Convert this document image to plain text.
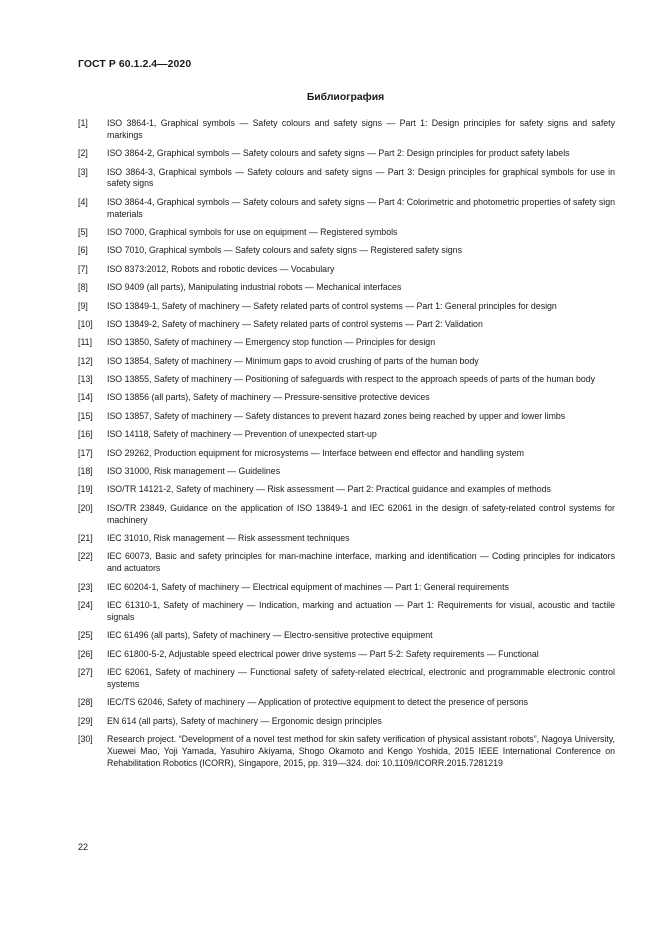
ГОСТ Р 60.1.2.4—2020
Библиография
[1]	ISO 3864-1, Graphical symbols — Safety colours and safety signs — Part 1: Design principles for safety signs and safety markings
[2]	ISO 3864-2, Graphical symbols — Safety colours and safety signs — Part 2: Design principles for product safety labels
[3]	ISO 3864-3, Graphical symbols — Safety colours and safety signs — Part 3: Design principles for graphical symbols for use in safety signs
[4]	ISO 3864-4, Graphical symbols — Safety colours and safety signs — Part 4: Colorimetric and photometric properties of safety sign materials
[5]	ISO 7000, Graphical symbols for use on equipment — Registered symbols
[6]	ISO 7010, Graphical symbols — Safety colours and safety signs — Registered safety signs
[7]	ISO 8373:2012, Robots and robotic devices — Vocabulary
[8]	ISO 9409 (all parts), Manipulating industrial robots — Mechanical interfaces
[9]	ISO 13849-1, Safety of machinery — Safety related parts of control systems — Part 1: General principles for design
[10]	ISO 13849-2, Safety of machinery — Safety related parts of control systems — Part 2: Validation
[11]	ISO 13850, Safety of machinery — Emergency stop function — Principles for design
[12]	ISO 13854, Safety of machinery — Minimum gaps to avoid crushing of parts of the human body
[13]	ISO 13855, Safety of machinery — Positioning of safeguards with respect to the approach speeds of parts of the human body
[14]	ISO 13856 (all parts), Safety of machinery — Pressure-sensitive protective devices
[15]	ISO 13857, Safety of machinery — Safety distances to prevent hazard zones being reached by upper and lower limbs
[16]	ISO 14118, Safety of machinery — Prevention of unexpected start-up
[17]	ISO 29262, Production equipment for microsystems — Interface between end effector and handling system
[18]	ISO 31000, Risk management — Guidelines
[19]	ISO/TR 14121-2, Safety of machinery — Risk assessment — Part 2: Practical guidance and examples of methods
[20]	ISO/TR 23849, Guidance on the application of ISO 13849-1 and IEC 62061 in the design of safety-related control systems for machinery
[21]	IEC 31010, Risk management — Risk assessment techniques
[22]	IEC 60073, Basic and safety principles for man-machine interface, marking and identification — Coding principles for indicators and actuators
[23]	IEC 60204-1, Safety of machinery — Electrical equipment of machines — Part 1: General requirements
[24]	IEC 61310-1, Safety of machinery — Indication, marking and actuation — Part 1: Requirements for visual, acoustic and tactile signals
[25]	IEC 61496 (all parts), Safety of machinery — Electro-sensitive protective equipment
[26]	IEC 61800-5-2, Adjustable speed electrical power drive systems — Part 5-2: Safety requirements — Functional
[27]	IEC 62061, Safety of machinery — Functional safety of safety-related electrical, electronic and programmable electronic control systems
[28]	IEC/TS 62046, Safety of machinery — Application of protective equipment to detect the presence of persons
[29]	EN 614 (all parts), Safety of machinery — Ergonomic design principles
[30]	Research project. “Development of a novel test method for skin safety verification of physical assistant robots”, Nagoya University, Xuewei Mao, Yoji Yamada, Yasuhiro Akiyama, Shogo Okamoto and Kengo Yoshida, 2015 IEEE International Conference on Rehabilitation Robotics (ICORR), Singapore, 2015, pp. 319—324. doi: 10.1109/ICORR.2015.7281219
22
